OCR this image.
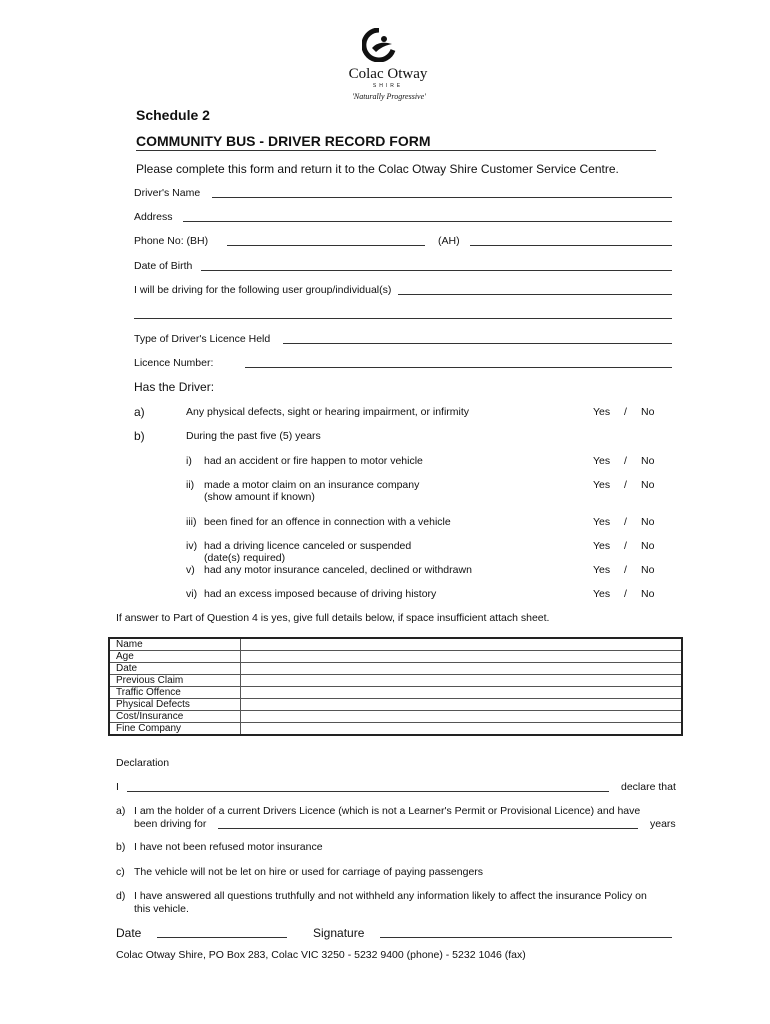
Colac Otway
SHIRE
'Naturally Progressive'
Schedule 2
COMMUNITY BUS - DRIVER RECORD FORM
Please complete this form and return it to the Colac Otway Shire Customer Service Centre.
Driver's Name
Address
Phone No: (BH)	(AH)
Date of Birth
I will be driving for the following user group/individual(s)
Type of Driver's Licence Held
Licence Number:
Has the Driver:
a)	Any physical defects, sight or hearing impairment, or infirmity	Yes / No
b)	During the past five (5) years
i) had an accident or fire happen to motor vehicle	Yes / No
ii) made a motor claim on an insurance company
(show amount if known)
Yes / No
iii) been fined for an offence in connection with a vehicle	Yes / No
iv) had a driving licence canceled or suspended
(date(s) required)
Yes / No
v) had any motor insurance canceled, declined or withdrawn	Yes / No
vi) had an excess imposed because of driving history	Yes / No
If answer to Part of Question 4 is yes, give full details below, if space insufficient attach sheet.
Name	
Age	
Date	
Previous Claim	
Traffic Offence	
Physical Defects	
Cost/Insurance	
Fine Company	
Declaration
I	declare that
a) I am the holder of a current Drivers Licence (which is not a Learner's Permit or Provisional Licence) and have
been driving for	years
b) I have not been refused motor insurance
c) The vehicle will not be let on hire or used for carriage of paying passengers
d) I have answered all questions truthfully and not withheld any information likely to affect the insurance Policy on
this vehicle.
Date	Signature
Colac Otway Shire, PO Box 283, Colac VIC 3250 - 5232 9400 (phone) - 5232 1046 (fax)
